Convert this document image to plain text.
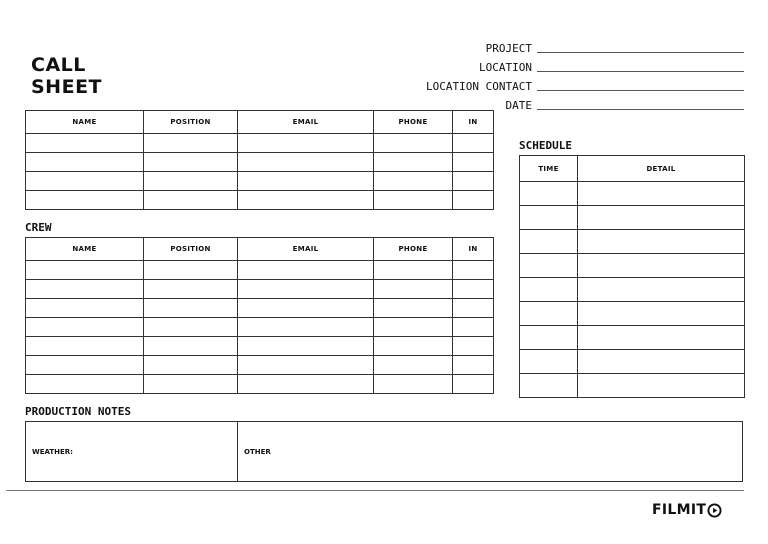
CALL
SHEET
PROJECT
LOCATION
LOCATION CONTACT
DATE
NAME	POSITION	EMAIL	PHONE	IN

CREW
NAME	POSITION	EMAIL	PHONE	IN

SCHEDULE
TIME	DETAIL

PRODUCTION NOTES
WEATHER:	OTHER
FILMIT
